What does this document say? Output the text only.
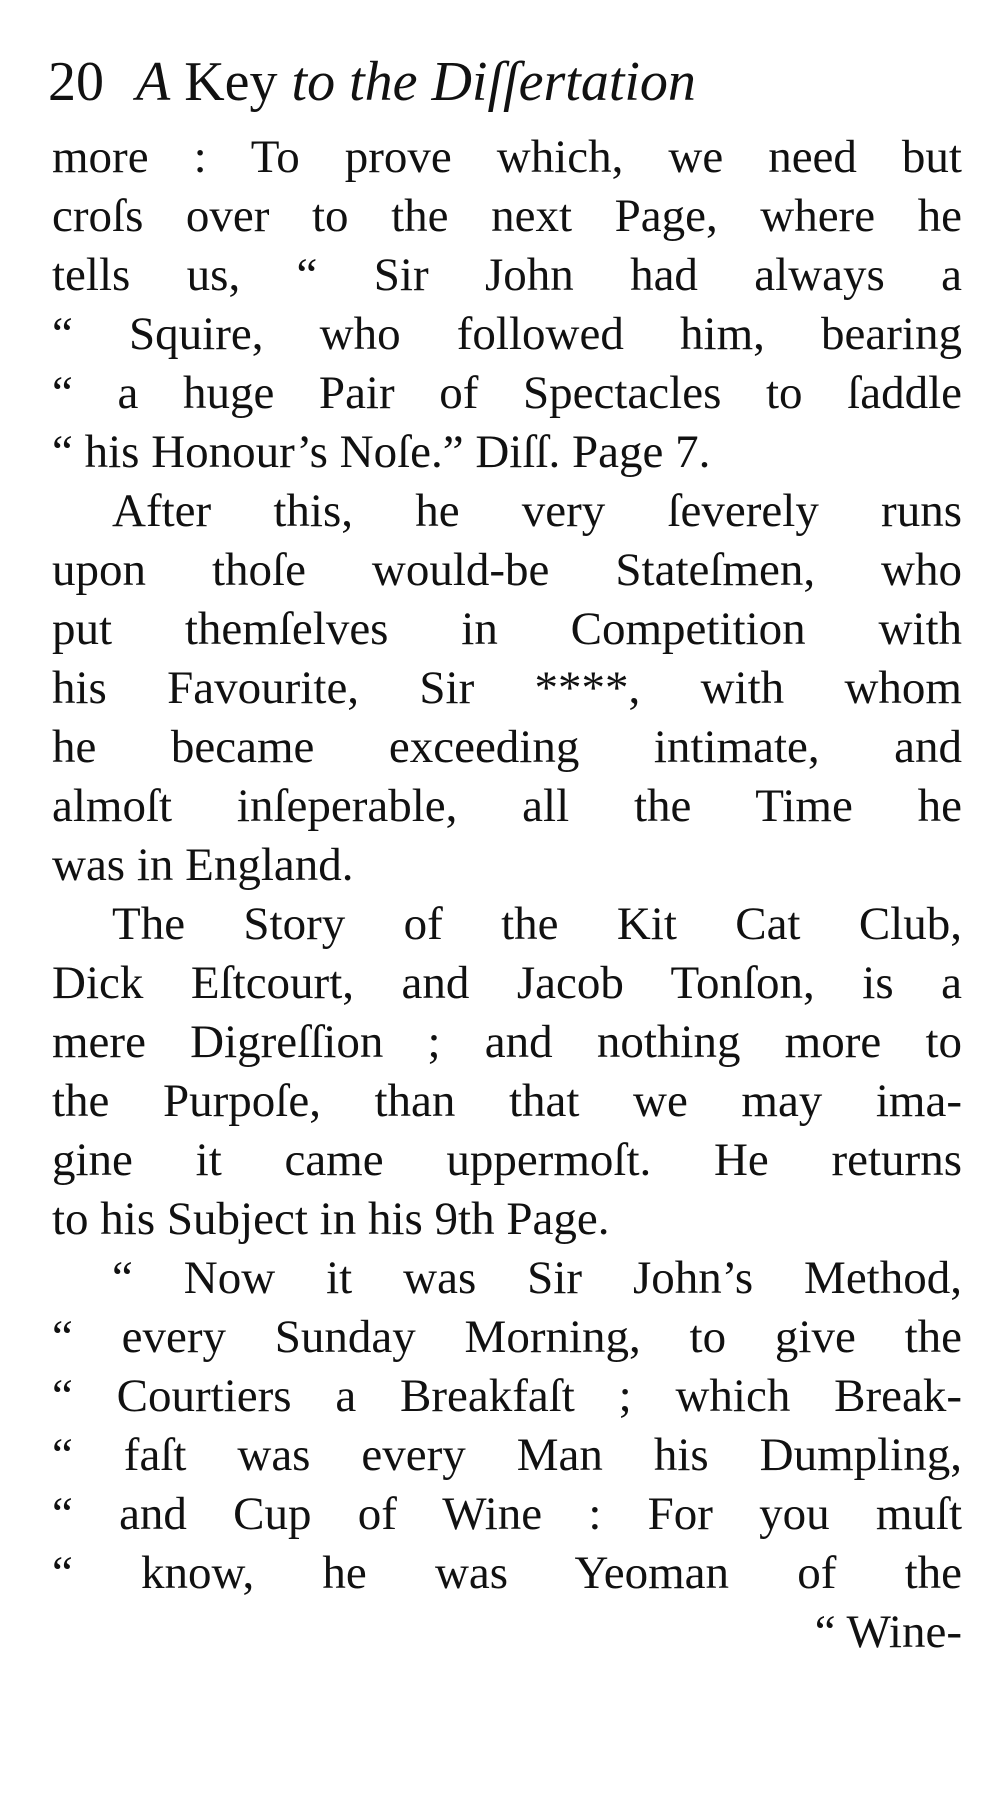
20 A Key to the Diſſertation
more : To prove which, we need but
croſs over to the next Page, where he
tells us, “ Sir John had always a
“ Squire, who followed him, bearing
“ a huge Pair of Spectacles to ſaddle
“ his Honour’s Noſe.” Diſſ. Page 7.
After this, he very ſeverely runs
upon thoſe would-be Stateſmen, who
put themſelves in Competition with
his Favourite, Sir ****, with whom
he became exceeding intimate, and
almoſt inſeperable, all the Time he
was in England.
The Story of the Kit Cat Club,
Dick Eſtcourt, and Jacob Tonſon, is a
mere Digreſſion ; and nothing more to
the Purpoſe, than that we may ima-
gine it came uppermoſt. He returns
to his Subject in his 9th Page.
“ Now it was Sir John’s Method,
“ every Sunday Morning, to give the
“ Courtiers a Breakfaſt ; which Break-
“ faſt was every Man his Dumpling,
“ and Cup of Wine : For you muſt
“ know, he was Yeoman of the
“ Wine-
